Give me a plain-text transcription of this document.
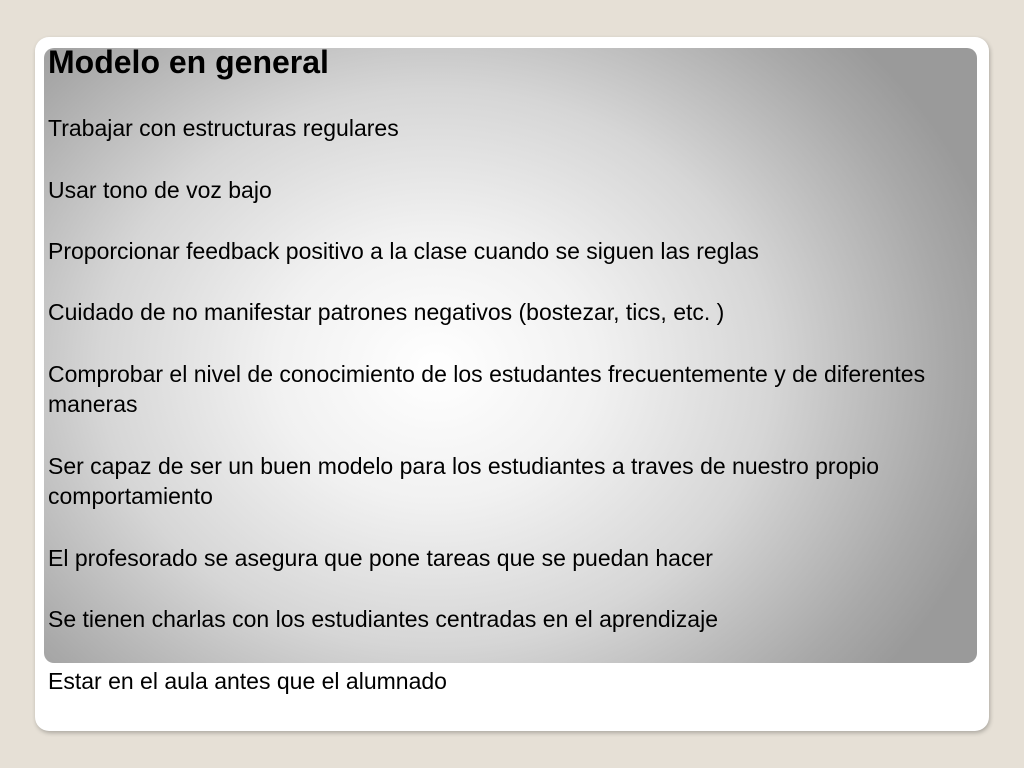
Modelo en general

Trabajar con estructuras regulares

Usar tono de voz bajo

Proporcionar feedback positivo a la clase cuando se siguen las reglas

Cuidado de no manifestar patrones negativos (bostezar, tics, etc. )

Comprobar el nivel de conocimiento de los estudantes frecuentemente y de diferentes maneras

Ser capaz de ser un buen modelo para los estudiantes a traves de nuestro propio comportamiento

El profesorado se asegura que pone tareas que se puedan hacer

Se tienen charlas con los estudiantes centradas en el aprendizaje

Estar en el aula antes que el alumnado
